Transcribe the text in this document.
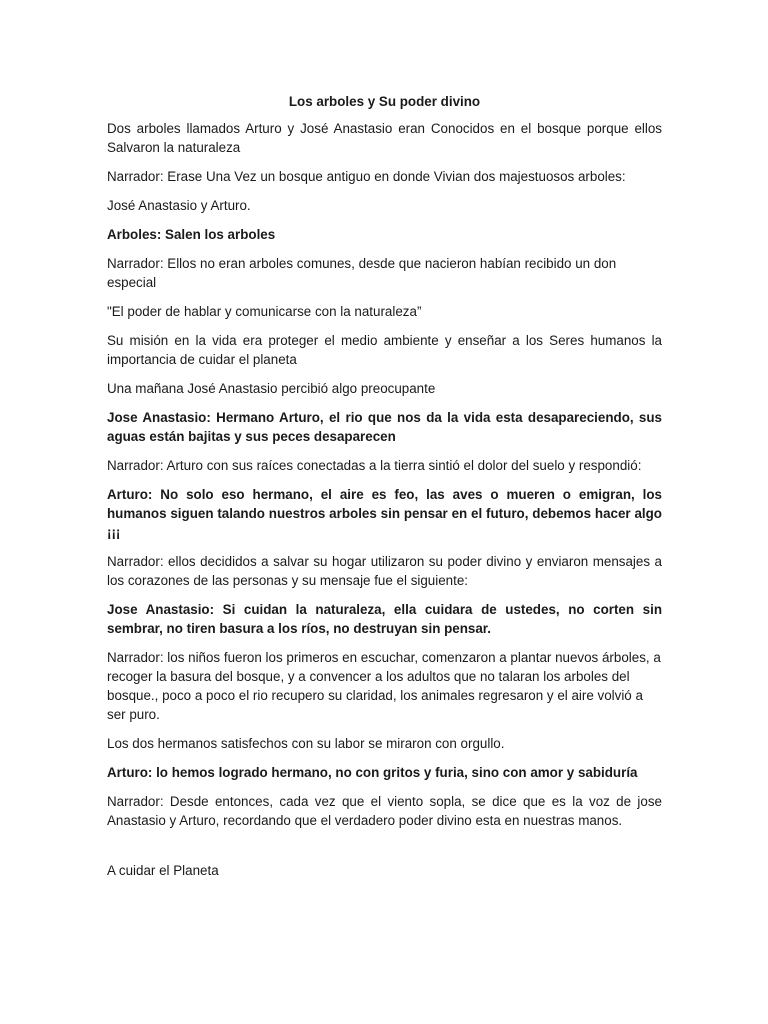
Los arboles y Su poder divino

Dos arboles llamados Arturo y José Anastasio eran Conocidos en el bosque porque ellos Salvaron la naturaleza

Narrador: Erase Una Vez un bosque antiguo en donde Vivian dos majestuosos arboles:

José Anastasio y Arturo.

Arboles: Salen los arboles

Narrador: Ellos no eran arboles comunes, desde que nacieron habían recibido un don especial

"El poder de hablar y comunicarse con la naturaleza”

Su misión en la vida era proteger el medio ambiente y enseñar a los Seres humanos la importancia de cuidar el planeta

Una mañana José Anastasio percibió algo preocupante

Jose Anastasio: Hermano Arturo, el rio que nos da la vida esta desapareciendo, sus aguas están bajitas y sus peces desaparecen

Narrador: Arturo con sus raíces conectadas a la tierra sintió el dolor del suelo y respondió:

Arturo: No solo eso hermano, el aire es feo, las aves o mueren o emigran, los humanos siguen talando nuestros arboles sin pensar en el futuro, debemos hacer algo ¡¡¡

Narrador: ellos decididos a salvar su hogar utilizaron su poder divino y enviaron mensajes a los corazones de las personas y su mensaje fue el siguiente:

Jose Anastasio: Si cuidan la naturaleza, ella cuidara de ustedes, no corten sin sembrar, no tiren basura a los ríos, no destruyan sin pensar.

Narrador: los niños fueron los primeros en escuchar, comenzaron a plantar nuevos árboles, a recoger la basura del bosque, y a convencer a los adultos que no talaran los arboles del bosque., poco a poco el rio recupero su claridad, los animales regresaron y el aire volvió a ser puro.

Los dos hermanos satisfechos con su labor se miraron con orgullo.

Arturo: lo hemos logrado hermano, no con gritos y furia, sino con amor y sabiduría

Narrador: Desde entonces, cada vez que el viento sopla, se dice que es la voz de jose Anastasio y Arturo, recordando que el verdadero poder divino esta en nuestras manos.

A cuidar el Planeta
